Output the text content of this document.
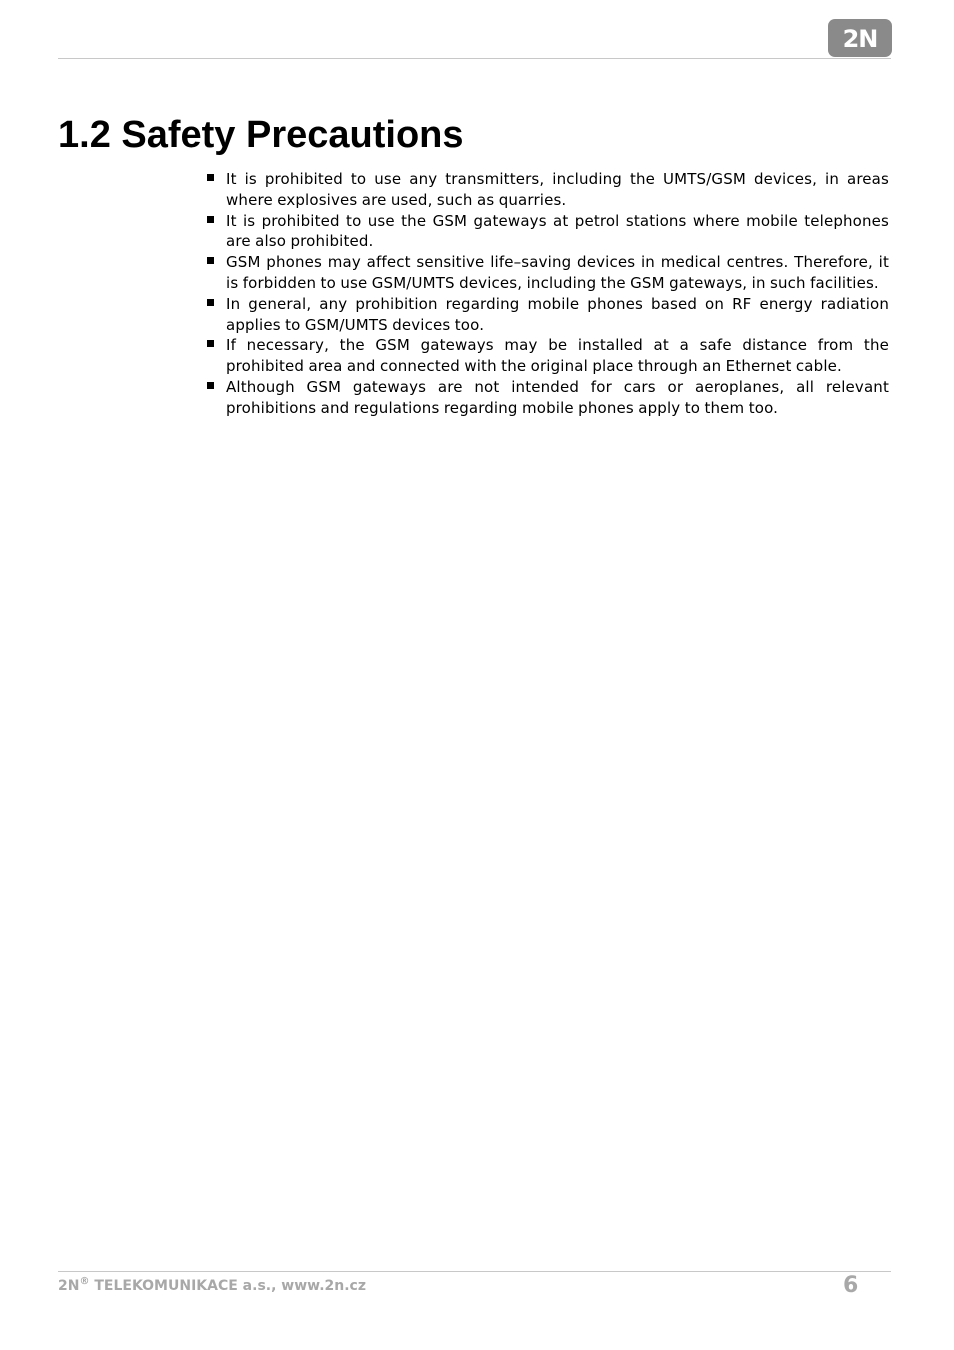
2N
1.2 Safety Precautions
It is prohibited to use any transmitters, including the UMTS/GSM devices, in areas where explosives are used, such as quarries.
It is prohibited to use the GSM gateways at petrol stations where mobile telephones are also prohibited.
GSM phones may affect sensitive life–saving devices in medical centres. Therefore, it is forbidden to use GSM/UMTS devices, including the GSM gateways, in such facilities.
In general, any prohibition regarding mobile phones based on RF energy radiation applies to GSM/UMTS devices too.
If necessary, the GSM gateways may be installed at a safe distance from the prohibited area and connected with the original place through an Ethernet cable.
Although GSM gateways are not intended for cars or aeroplanes, all relevant prohibitions and regulations regarding mobile phones apply to them too.
2N® TELEKOMUNIKACE a.s., www.2n.cz	6
